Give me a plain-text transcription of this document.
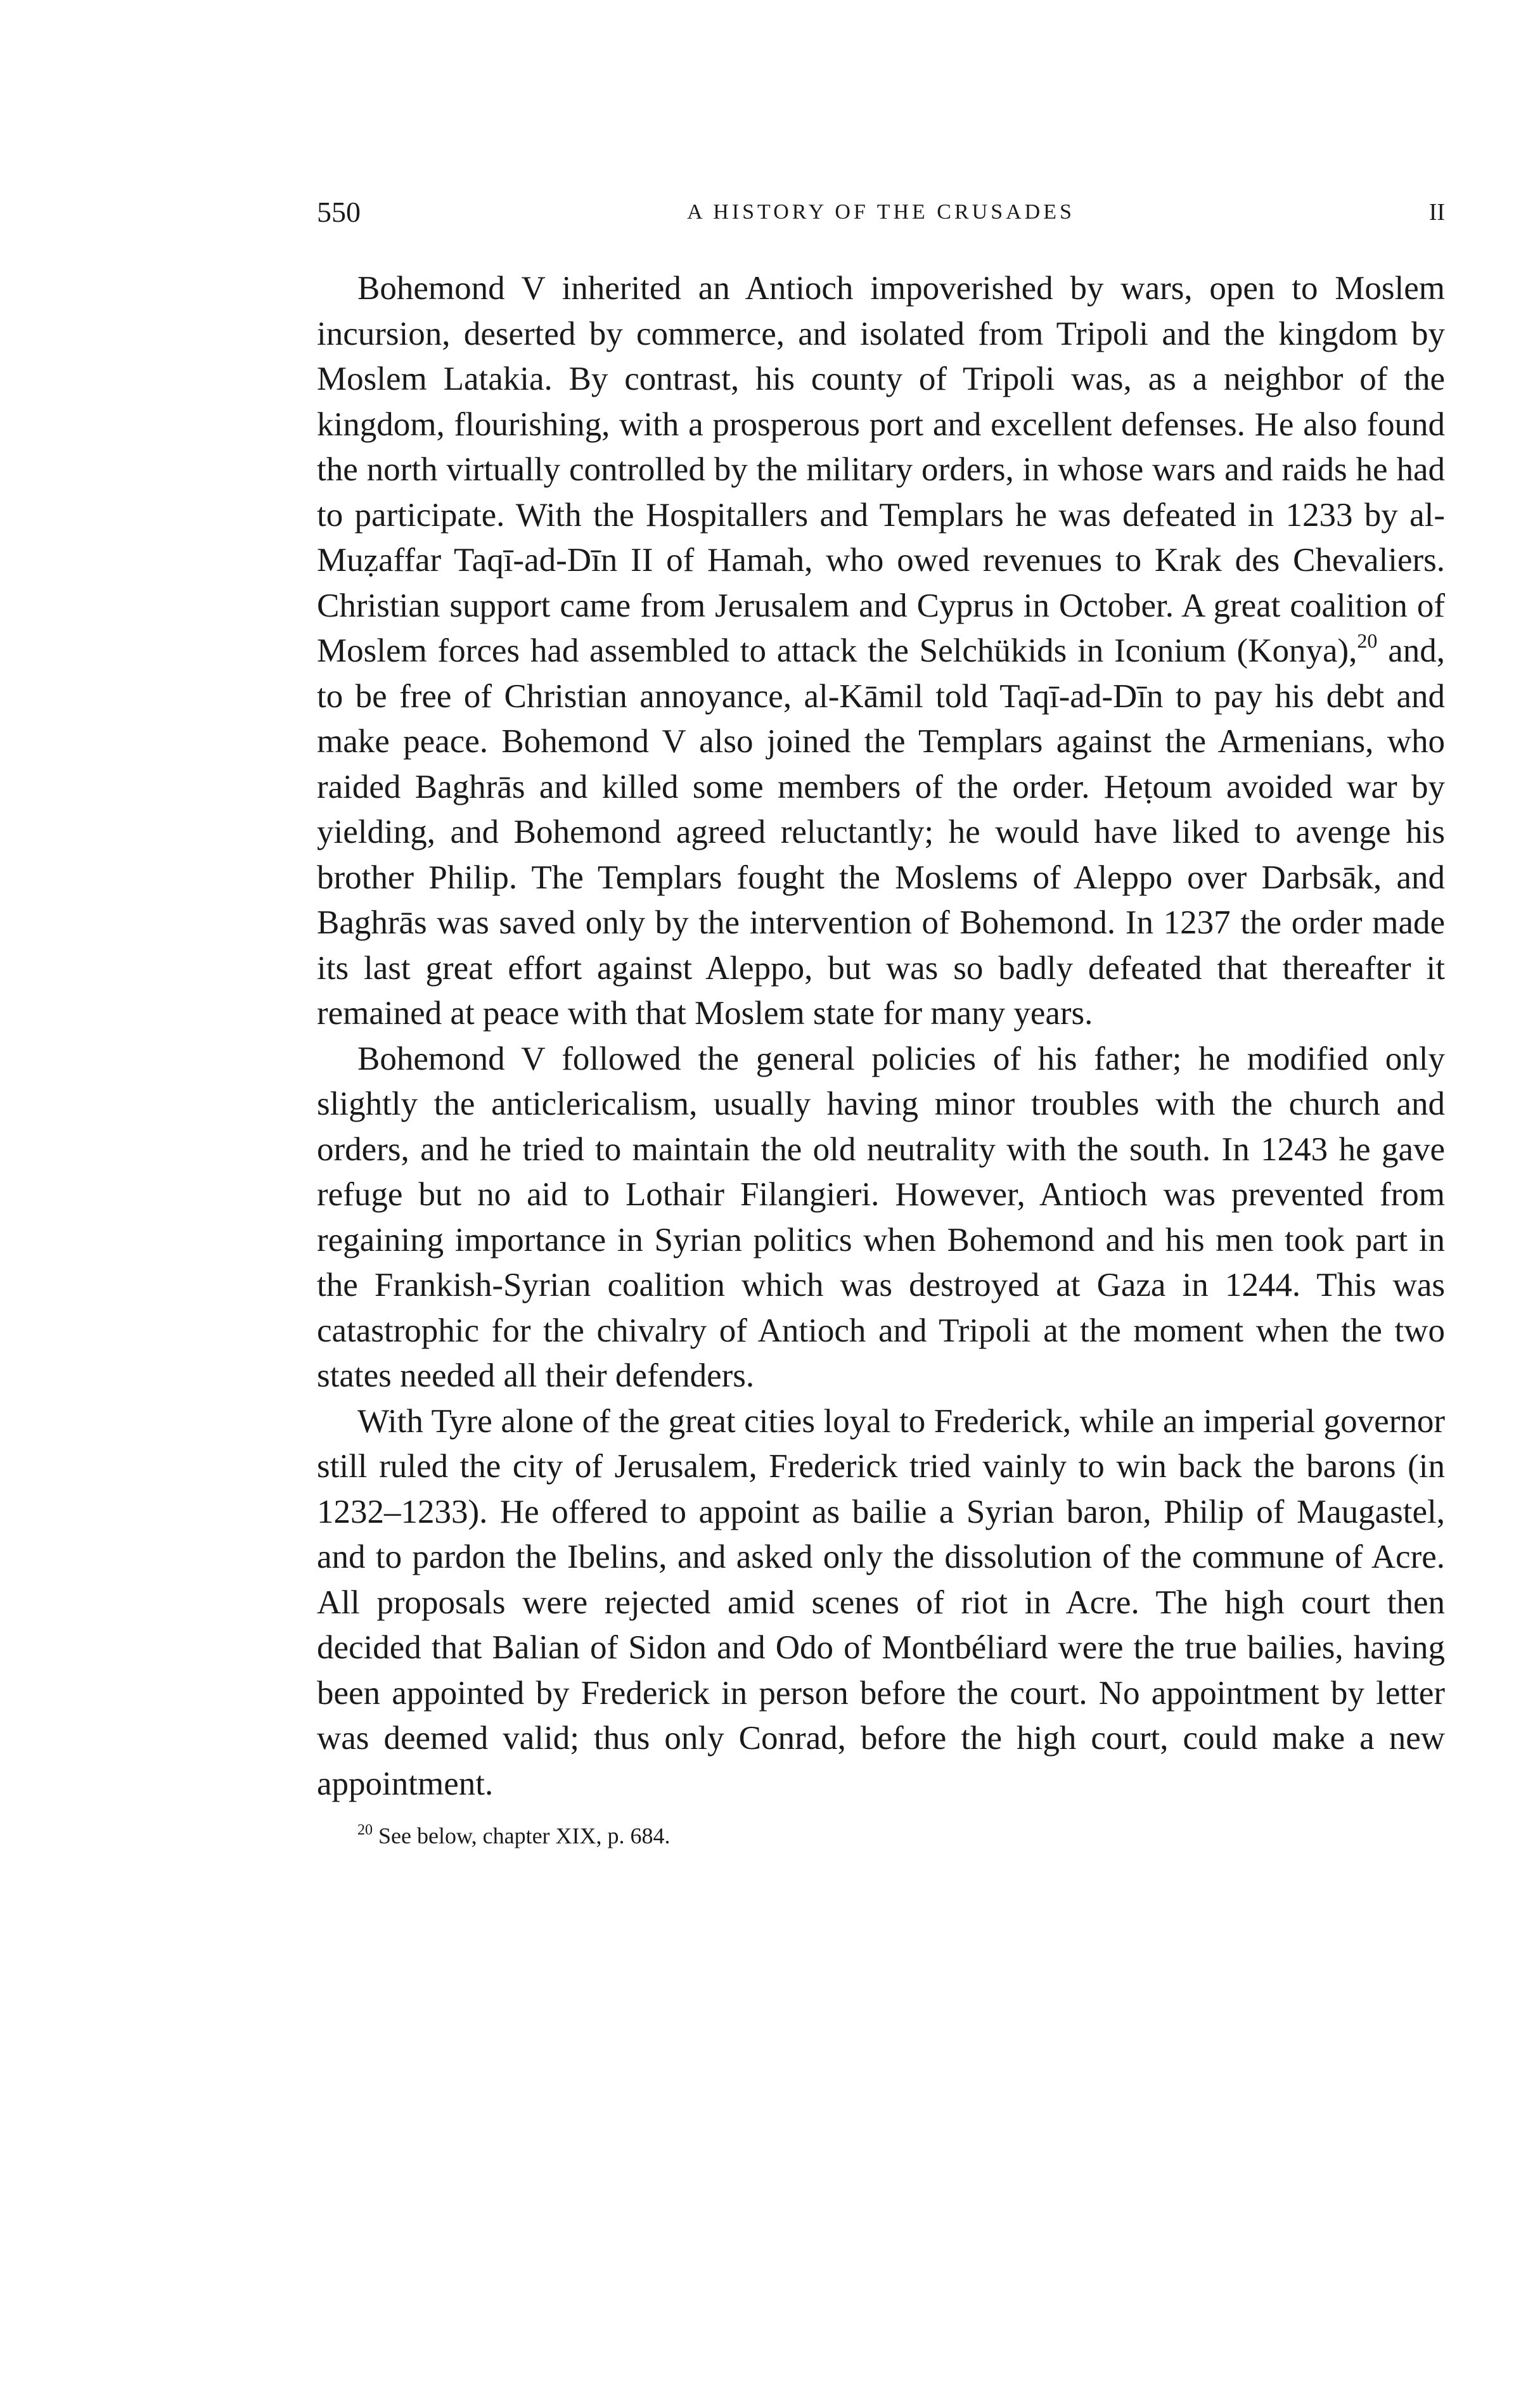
550	A HISTORY OF THE CRUSADES	II

Bohemond V inherited an Antioch impoverished by wars, open to Moslem incursion, deserted by commerce, and isolated from Tripoli and the kingdom by Moslem Latakia. By contrast, his county of Tripoli was, as a neighbor of the kingdom, flourishing, with a prosperous port and excellent defenses. He also found the north virtually controlled by the military orders, in whose wars and raids he had to participate. With the Hospitallers and Templars he was defeated in 1233 by al-Muẓaffar Taqī-ad-Dīn II of Hamah, who owed revenues to Krak des Chevaliers. Christian support came from Jerusalem and Cyprus in October. A great coalition of Moslem forces had assembled to attack the Selchükids in Iconium (Konya),$^{20}$ and, to be free of Christian annoyance, al-Kāmil told Taqī-ad-Dīn to pay his debt and make peace. Bohemond V also joined the Templars against the Armenians, who raided Baghrās and killed some members of the order. Heṭoum avoided war by yielding, and Bohemond agreed reluctantly; he would have liked to avenge his brother Philip. The Templars fought the Moslems of Aleppo over Darbsāk, and Baghrās was saved only by the intervention of Bohemond. In 1237 the order made its last great effort against Aleppo, but was so badly defeated that thereafter it remained at peace with that Moslem state for many years.

Bohemond V followed the general policies of his father; he modified only slightly the anticlericalism, usually having minor troubles with the church and orders, and he tried to maintain the old neutrality with the south. In 1243 he gave refuge but no aid to Lothair Filangieri. However, Antioch was prevented from regaining importance in Syrian politics when Bohemond and his men took part in the Frankish-Syrian coalition which was destroyed at Gaza in 1244. This was catastrophic for the chivalry of Antioch and Tripoli at the moment when the two states needed all their defenders.

With Tyre alone of the great cities loyal to Frederick, while an imperial governor still ruled the city of Jerusalem, Frederick tried vainly to win back the barons (in 1232–1233). He offered to appoint as bailie a Syrian baron, Philip of Maugastel, and to pardon the Ibelins, and asked only the dissolution of the commune of Acre. All proposals were rejected amid scenes of riot in Acre. The high court then decided that Balian of Sidon and Odo of Montbéliard were the true bailies, having been appointed by Frederick in person before the court. No appointment by letter was deemed valid; thus only Conrad, before the high court, could make a new appointment.

$^{20}$ See below, chapter XIX, p. 684.
